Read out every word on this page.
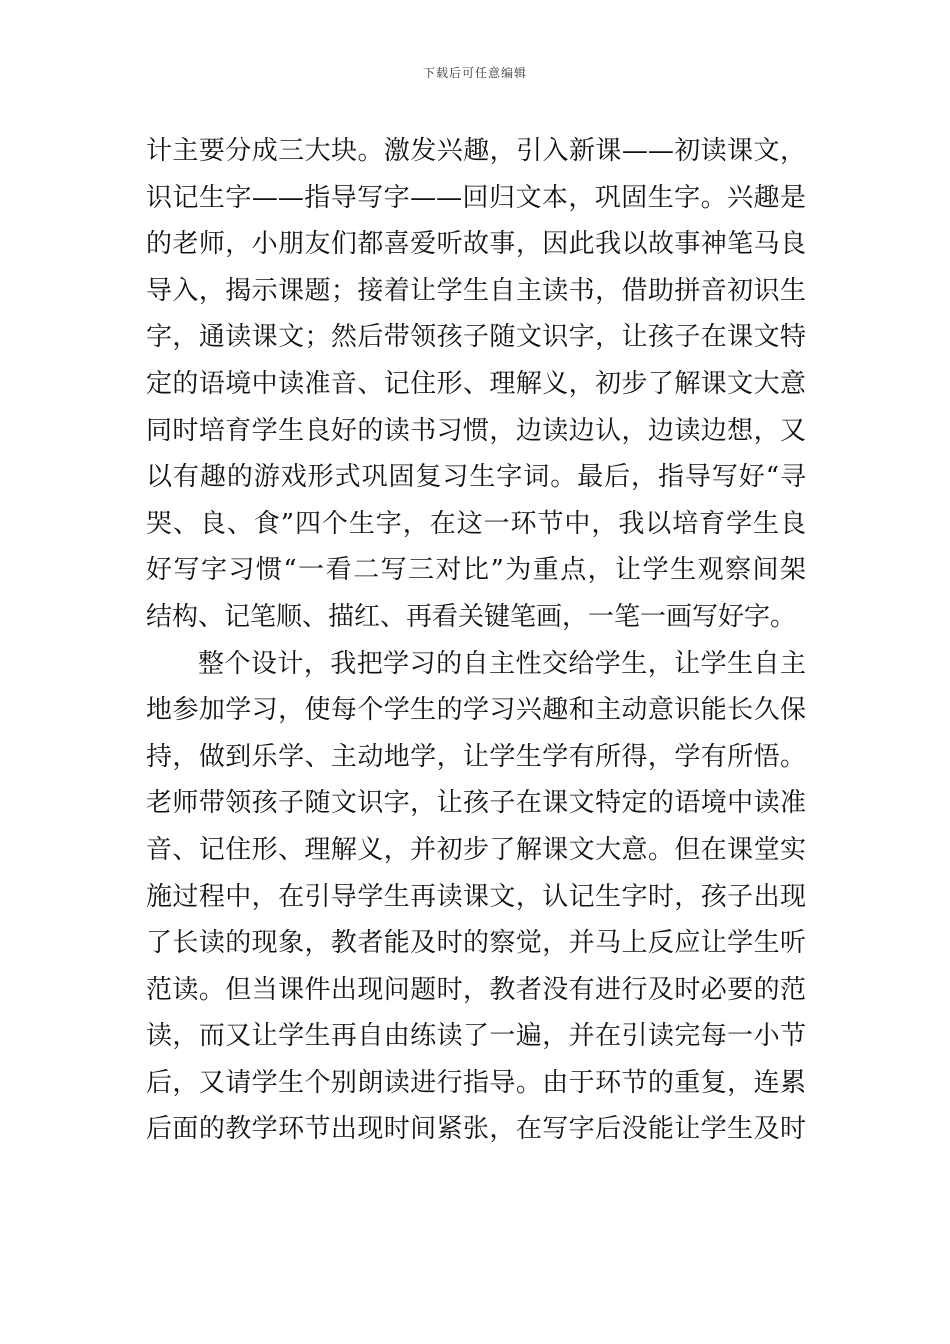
下载后可任意编辑
计主要分成三大块。激发兴趣，引入新课——初读课文，
识记生字——指导写字——回归文本，巩固生字。兴趣是
的老师，小朋友们都喜爱听故事，因此我以故事神笔马良
导入，揭示课题；接着让学生自主读书，借助拼音初识生
字，通读课文；然后带领孩子随文识字，让孩子在课文特
定的语境中读准音、记住形、理解义，初步了解课文大意
同时培育学生良好的读书习惯，边读边认，边读边想，又
以有趣的游戏形式巩固复习生字词。最后，指导写好“寻
哭、良、食”四个生字，在这一环节中，我以培育学生良
好写字习惯“一看二写三对比”为重点，让学生观察间架
结构、记笔顺、描红、再看关键笔画，一笔一画写好字。
整个设计，我把学习的自主性交给学生，让学生自主
地参加学习，使每个学生的学习兴趣和主动意识能长久保
持，做到乐学、主动地学，让学生学有所得，学有所悟。
老师带领孩子随文识字，让孩子在课文特定的语境中读准
音、记住形、理解义，并初步了解课文大意。但在课堂实
施过程中，在引导学生再读课文，认记生字时，孩子出现
了长读的现象，教者能及时的察觉，并马上反应让学生听
范读。但当课件出现问题时，教者没有进行及时必要的范
读，而又让学生再自由练读了一遍，并在引读完每一小节
后，又请学生个别朗读进行指导。由于环节的重复，连累
后面的教学环节出现时间紧张，在写字后没能让学生及时
